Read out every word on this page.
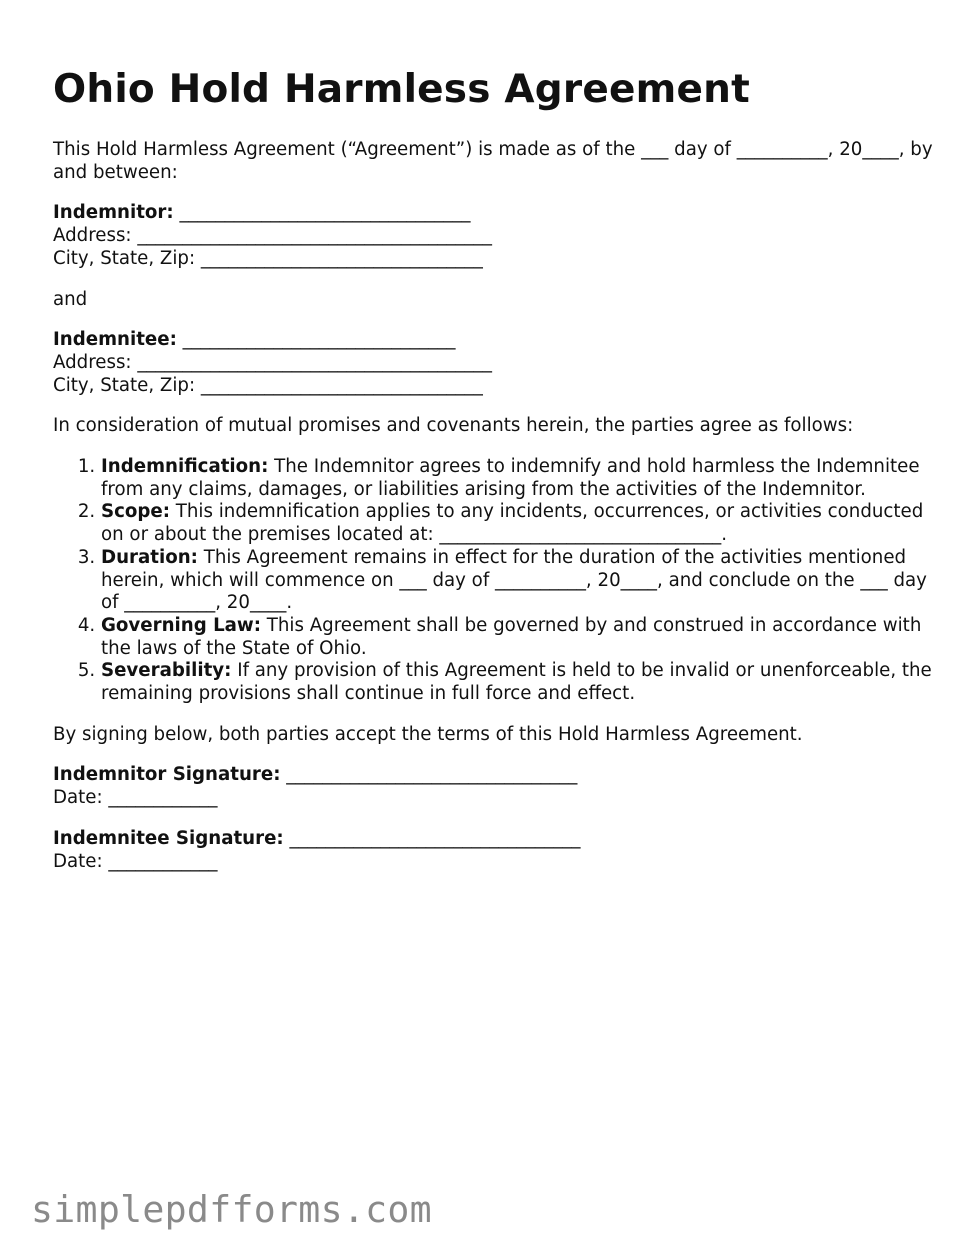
Ohio Hold Harmless Agreement

This Hold Harmless Agreement (“Agreement”) is made as of the ___ day of __________, 20____, by and between:

Indemnitor: ________________________________
Address: _______________________________________
City, State, Zip: _______________________________

and

Indemnitee: ______________________________
Address: _______________________________________
City, State, Zip: _______________________________

In consideration of mutual promises and covenants herein, the parties agree as follows:

1. Indemnification: The Indemnitor agrees to indemnify and hold harmless the Indemnitee from any claims, damages, or liabilities arising from the activities of the Indemnitor.
2. Scope: This indemnification applies to any incidents, occurrences, or activities conducted on or about the premises located at: _______________________________.
3. Duration: This Agreement remains in effect for the duration of the activities mentioned herein, which will commence on ___ day of __________, 20____, and conclude on the ___ day of __________, 20____.
4. Governing Law: This Agreement shall be governed by and construed in accordance with the laws of the State of Ohio.
5. Severability: If any provision of this Agreement is held to be invalid or unenforceable, the remaining provisions shall continue in full force and effect.

By signing below, both parties accept the terms of this Hold Harmless Agreement.

Indemnitor Signature: ________________________________
Date: ____________
Indemnitee Signature: ________________________________
Date: ____________
simplepdfforms.com
